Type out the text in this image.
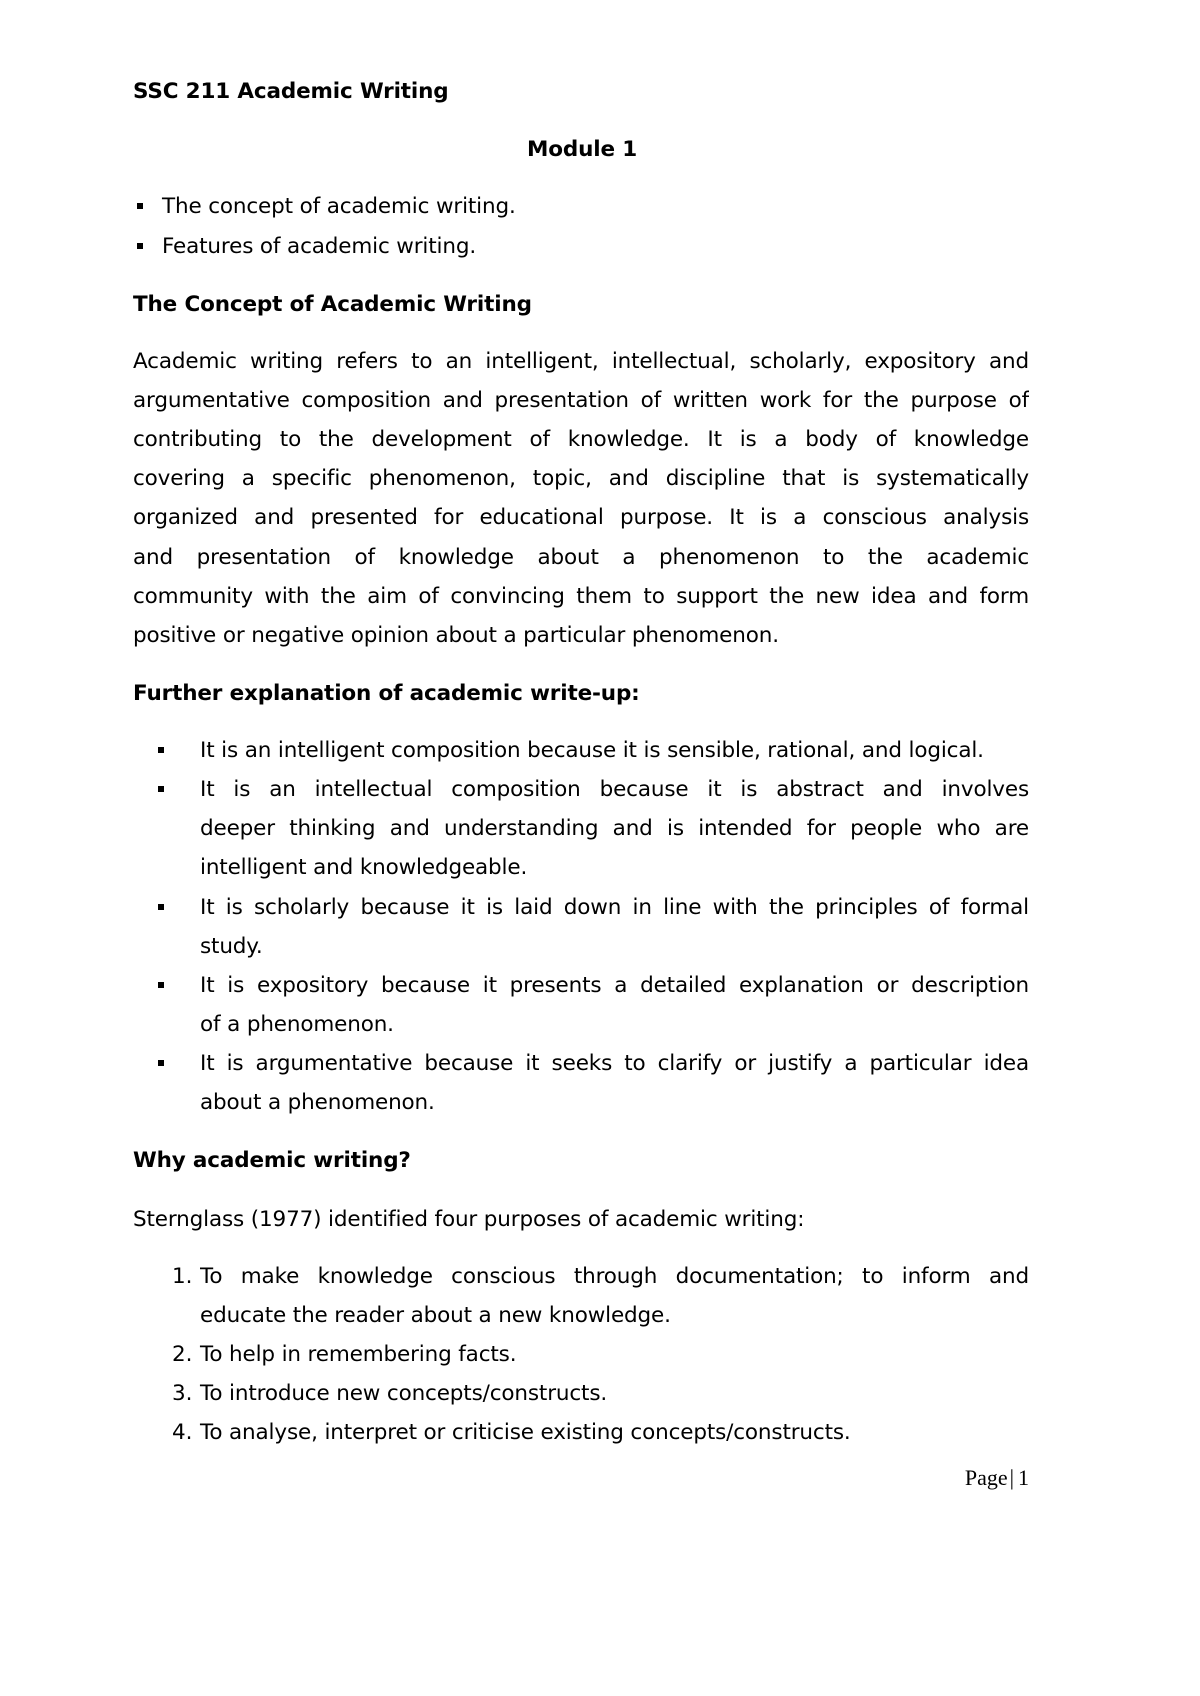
SSC 211 Academic Writing
Module 1
The concept of academic writing.
Features of academic writing.
The Concept of Academic Writing
Academic writing refers to an intelligent, intellectual, scholarly, expository and
argumentative composition and presentation of written work for the purpose of
contributing to the development of knowledge. It is a body of knowledge
covering a specific phenomenon, topic, and discipline that is systematically
organized and presented for educational purpose. It is a conscious analysis
and presentation of knowledge about a phenomenon to the academic
community with the aim of convincing them to support the new idea and form
positive or negative opinion about a particular phenomenon.
Further explanation of academic write-up:
It is an intelligent composition because it is sensible, rational, and logical.
It is an intellectual composition because it is abstract and involves
deeper thinking and understanding and is intended for people who are
intelligent and knowledgeable.
It is scholarly because it is laid down in line with the principles of formal
study.
It is expository because it presents a detailed explanation or description
of a phenomenon.
It is argumentative because it seeks to clarify or justify a particular idea
about a phenomenon.
Why academic writing?
Sternglass (1977) identified four purposes of academic writing:
1. To make knowledge conscious through documentation; to inform and
educate the reader about a new knowledge.
2. To help in remembering facts.
3. To introduce new concepts/constructs.
4. To analyse, interpret or criticise existing concepts/constructs.
Page| 1
